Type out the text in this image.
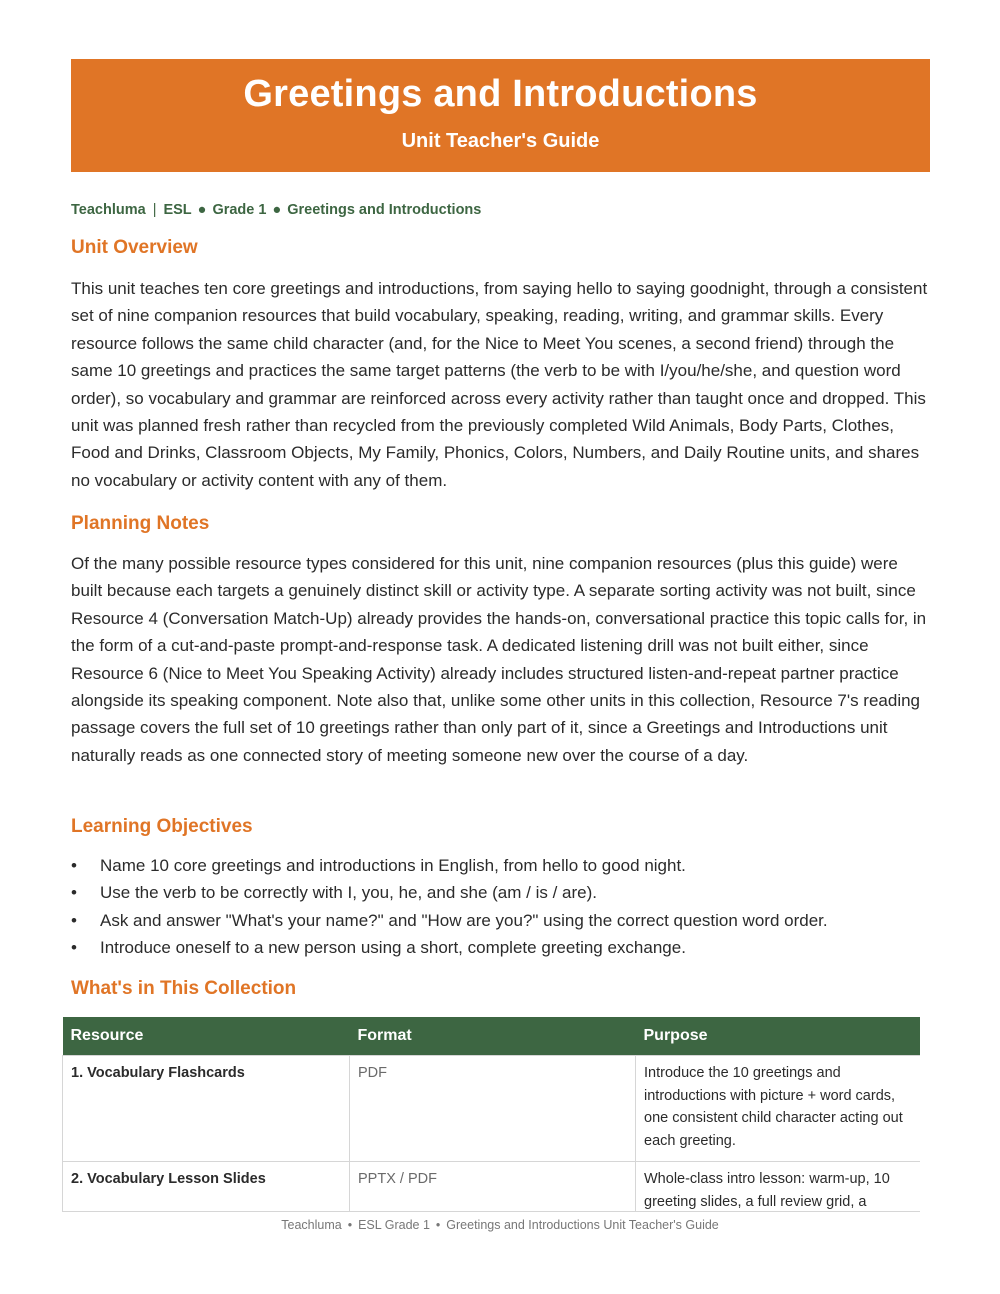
Greetings and Introductions
Unit Teacher's Guide
Teachluma | ESL ● Grade 1 ● Greetings and Introductions
Unit Overview

This unit teaches ten core greetings and introductions, from saying hello to saying goodnight, through a consistent set of nine companion resources that build vocabulary, speaking, reading, writing, and grammar skills. Every resource follows the same child character (and, for the Nice to Meet You scenes, a second friend) through the same 10 greetings and practices the same target patterns (the verb to be with I/you/he/she, and question word order), so vocabulary and grammar are reinforced across every activity rather than taught once and dropped. This unit was planned fresh rather than recycled from the previously completed Wild Animals, Body Parts, Clothes, Food and Drinks, Classroom Objects, My Family, Phonics, Colors, Numbers, and Daily Routine units, and shares no vocabulary or activity content with any of them.

Planning Notes

Of the many possible resource types considered for this unit, nine companion resources (plus this guide) were built because each targets a genuinely distinct skill or activity type. A separate sorting activity was not built, since Resource 4 (Conversation Match-Up) already provides the hands-on, conversational practice this topic calls for, in the form of a cut-and-paste prompt-and-response task. A dedicated listening drill was not built either, since Resource 6 (Nice to Meet You Speaking Activity) already includes structured listen-and-repeat partner practice alongside its speaking component. Note also that, unlike some other units in this collection, Resource 7's reading passage covers the full set of 10 greetings rather than only part of it, since a Greetings and Introductions unit naturally reads as one connected story of meeting someone new over the course of a day.

Learning Objectives
• Name 10 core greetings and introductions in English, from hello to good night.
• Use the verb to be correctly with I, you, he, and she (am / is / are).
• Ask and answer "What's your name?" and "How are you?" using the correct question word order.
• Introduce oneself to a new person using a short, complete greeting exchange.
What's in This Collection
Resource	Format	Purpose
1. Vocabulary Flashcards	PDF	Introduce the 10 greetings and introductions with picture + word cards, one consistent child character acting out each greeting.
2. Vocabulary Lesson Slides	PPTX / PDF	Whole-class intro lesson: warm-up, 10 greeting slides, a full review grid, a
Teachluma • ESL Grade 1 • Greetings and Introductions Unit Teacher's Guide
